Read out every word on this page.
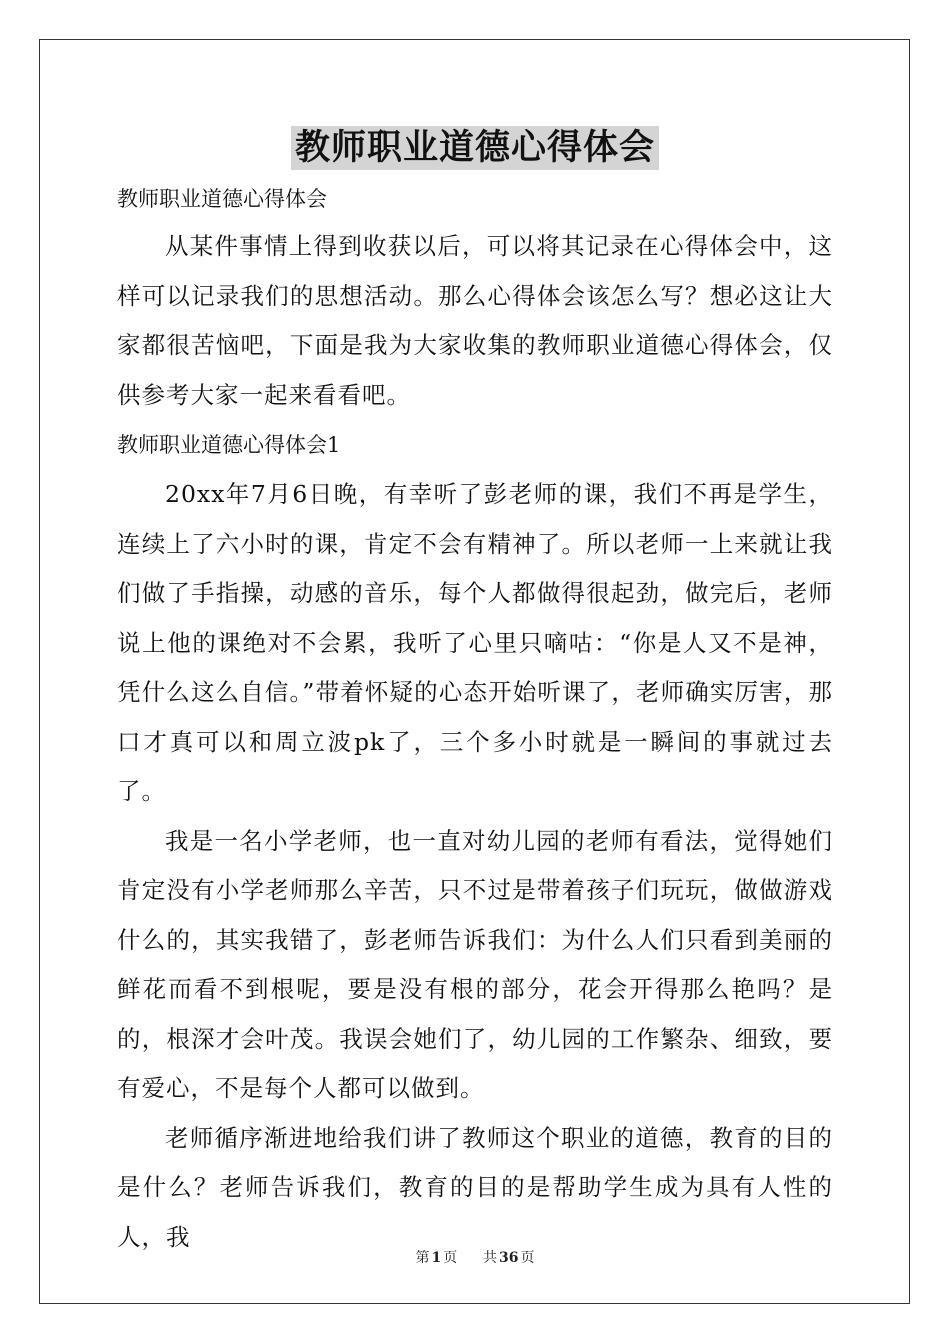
教师职业道德心得体会

教师职业道德心得体会

从某件事情上得到收获以后，可以将其记录在心得体会中，这样可以记录我们的思想活动。那么心得体会该怎么写？想必这让大家都很苦恼吧，下面是我为大家收集的教师职业道德心得体会，仅供参考大家一起来看看吧。

教师职业道德心得体会1

20xx年7月6日晚，有幸听了彭老师的课，我们不再是学生，连续上了六小时的课，肯定不会有精神了。所以老师一上来就让我们做了手指操，动感的音乐，每个人都做得很起劲，做完后，老师说上他的课绝对不会累，我听了心里只嘀咕：“你是人又不是神，凭什么这么自信。”带着怀疑的心态开始听课了，老师确实厉害，那口才真可以和周立波pk了，三个多小时就是一瞬间的事就过去了。

我是一名小学老师，也一直对幼儿园的老师有看法，觉得她们肯定没有小学老师那么辛苦，只不过是带着孩子们玩玩，做做游戏什么的，其实我错了，彭老师告诉我们：为什么人们只看到美丽的鲜花而看不到根呢，要是没有根的部分，花会开得那么艳吗？是的，根深才会叶茂。我误会她们了，幼儿园的工作繁杂、细致，要有爱心，不是每个人都可以做到。

老师循序渐进地给我们讲了教师这个职业的道德，教育的目的是什么？老师告诉我们，教育的目的是帮助学生成为具有人性的人，我

第 1 页 共 36 页
